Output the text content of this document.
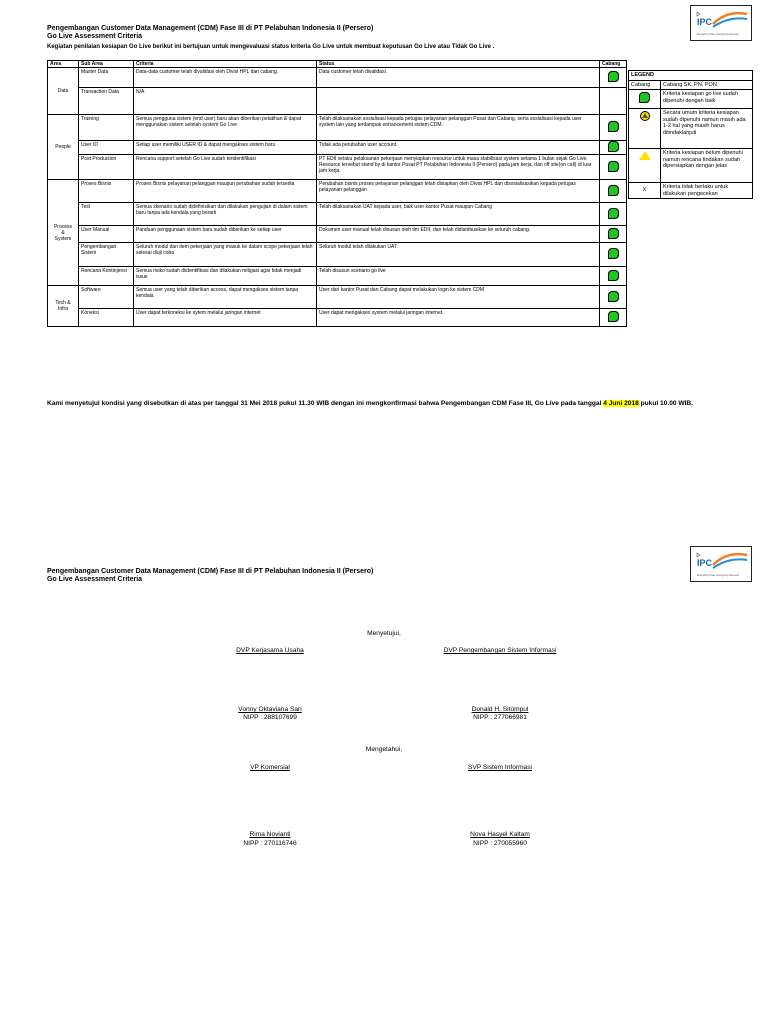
Pengembangan Customer Data Management (CDM) Fase III di PT Pelabuhan Indonesia II (Persero)
Go Live Assessment Criteria
IPC
Energizing Trade, Energizing Indonesia
Kegiatan penilaian kesiapan Go Live berikut ini bertujuan untuk mengevaluasi status kriteria Go Live untuk membuat keputusan Go Live atau Tidak Go Live .
Area	Sub Area	Criteria	Status	Cabang
Data	Master Data	Data-data customer telah divalidasi oleh Divisi HPL dan cabang.	Data customer telah divalidasi.	
	Transaction Data	N/A		
People	Training	Semua pengguna sistem (end user) baru akan diberikan pelatihan & dapat menggunakan sistem setelah system Go Live	Telah dilaksanakan sosialisasi kepada petugas pelayanan pelanggan Pusat dan Cabang, serta sosialisasi kepada user system lain yang terdampak enhancement sistem CDM.	
	User ID	Setiap user memiliki USER ID & dapat mengakses sistem baru	Tidak ada perubahan user account.	
	Post Production	Rencana support setelah Go Live sudah teridentifikasi	PT EDII selaku pelaksanan pekerjaan menyiapkan resource untuk masa stabilisasi system selama 1 bulan sejak Go Live. Resource tersebut stand by di kantor Pusat PT Pelabuhan Indonesia II (Persero) pada jam kerja, dan off site(on call) di luar jam kerja.	
Process
&
System	Proses Bisnis	Proses Bisnis pelayanan pelanggan maupun perubahan sudah tersedia	Perubahan bisnis proses pelayanan pelanggan telah disiapkan oleh Divisi HPL dan disosialisasikan kepada petugas pelayanan pelanggan	
	Test	Semua skenario sudah didefinisikan dan dilakukan pengujian di dalam sistem baru tanpa ada kendala yang berarti	Telah dilaksanakan UAT kepada user, baik user kantor Pusat maupun Cabang	
	User Manual	Panduan penggunaan sistem baru sudah diberikan ke setiap user	Dokumen user manual telah disusun oleh tim EDII, dan telah didistribusikan ke seluruh cabang.	
	Pengembangan Sistem	Seluruh modul dan item pekerjaan yang masuk ke dalam scope pekerjaan telah selesai diuji coba	Seluruh modul telah dilakukan UAT.	
	Rencana Kontinjensi	Semua risiko sudah diidentifikasi dan dilakukan mitigasi agar tidak menjadi issue	Telah disusun scenario go live	
Tech &
Infra	Software	Semua user yang telah diberikan access, dapat mengakses sistem tanpa kendala	User dari kantor Pusat dan Cabang dapat melakukan login ke sistem CDM	
	Koneksi	User dapat terkoneksi ke sytem melalui jaringan internet	User dapat mengakses system melalui jaringan internet.	
LEGEND	
Cabang	Cabang SK, PN, PON
	Kriteria kesiapan go live sudah dipenuhi dengan baik
	Secara umum kriteria kesiapan sudah dipenuhi namun masih ada 1-2 hal yang masih harus ditindaklanjuti
	Kriteria kesiapan belum dipenuhi namun rencana tindakan sudah dipersiapkan dengan jelas
X	Kriteria tidak berlaku untuk dilakukan pengecekan
Kami menyetujui kondisi yang disebutkan di atas per tanggal 31 Mei 2018 pukul 11.30 WIB dengan ini mengkonfirmasi bahwa Pengembangan CDM Fase III, Go Live pada tanggal 4 Juni 2018 pukul 10.00 WIB.
Pengembangan Customer Data Management (CDM) Fase III di PT Pelabuhan Indonesia II (Persero)
Go Live Assessment Criteria
IPC
Energizing Trade, Energizing Indonesia
Menyetujui,
DVP Kerjasama Usaha	DVP Pengembangan Sistem Informasi
Vonny Oktaviana Sari
NIPP : 288107699
Donald H. Sitompul
NIPP : 277066981
Mengetahui,
VP Komersial	SVP Sistem Informasi
Rima Novianti
NIPP : 270116746
Nova Hasyel Kaltam
NIPP : 270055960
